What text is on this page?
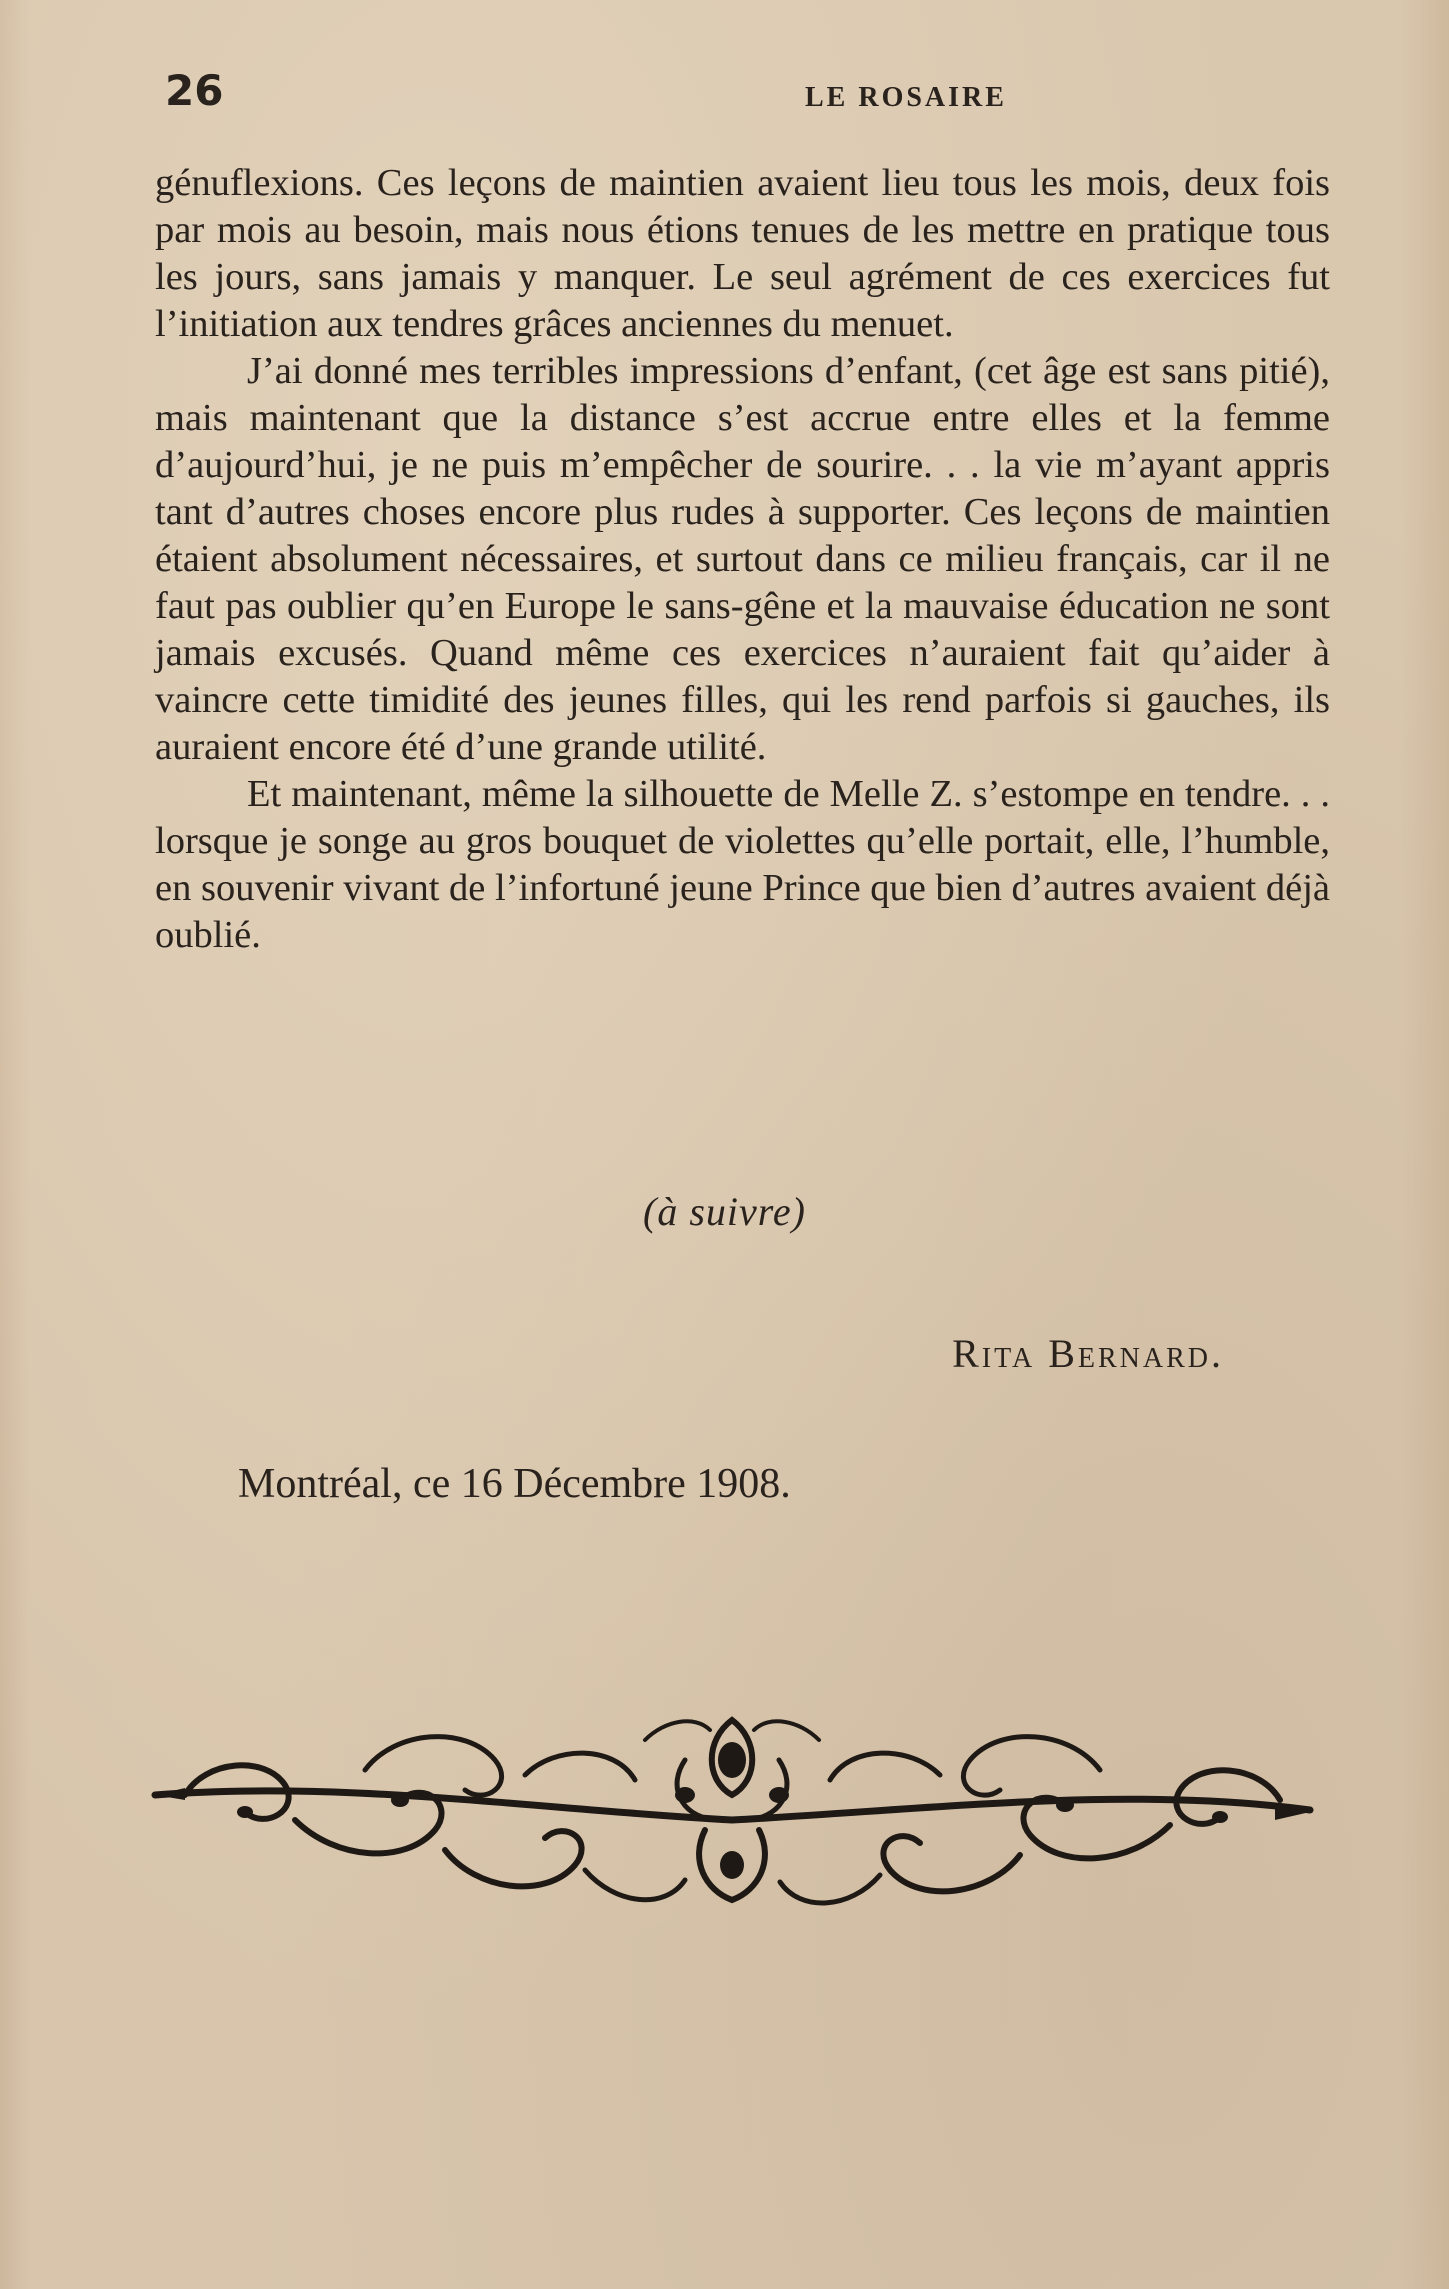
26	LE ROSAIRE

génuflexions. Ces leçons de maintien avaient lieu tous les mois, deux fois par mois au besoin, mais nous étions tenues de les mettre en pratique tous les jours, sans jamais y manquer. Le seul agrément de ces exercices fut l’initiation aux tendres grâces anciennes du menuet.

J’ai donné mes terribles impressions d’enfant, (cet âge est sans pitié), mais maintenant que la distance s’est accrue entre elles et la femme d’aujourd’hui, je ne puis m’empêcher de sourire. . . la vie m’ayant appris tant d’autres choses encore plus rudes à supporter. Ces leçons de maintien étaient absolument nécessaires, et surtout dans ce milieu français, car il ne faut pas oublier qu’en Europe le sans-gêne et la mauvaise éducation ne sont jamais excusés. Quand même ces exercices n’auraient fait qu’aider à vaincre cette timidité des jeunes filles, qui les rend parfois si gauches, ils auraient encore été d’une grande utilité.

Et maintenant, même la silhouette de Melle Z. s’estompe en tendre. . . lorsque je songe au gros bouquet de violettes qu’elle portait, elle, l’humble, en souvenir vivant de l’infortuné jeune Prince que bien d’autres avaient déjà oublié.

(à suivre)
Rita Bernard.
Montréal, ce 16 Décembre 1908.
